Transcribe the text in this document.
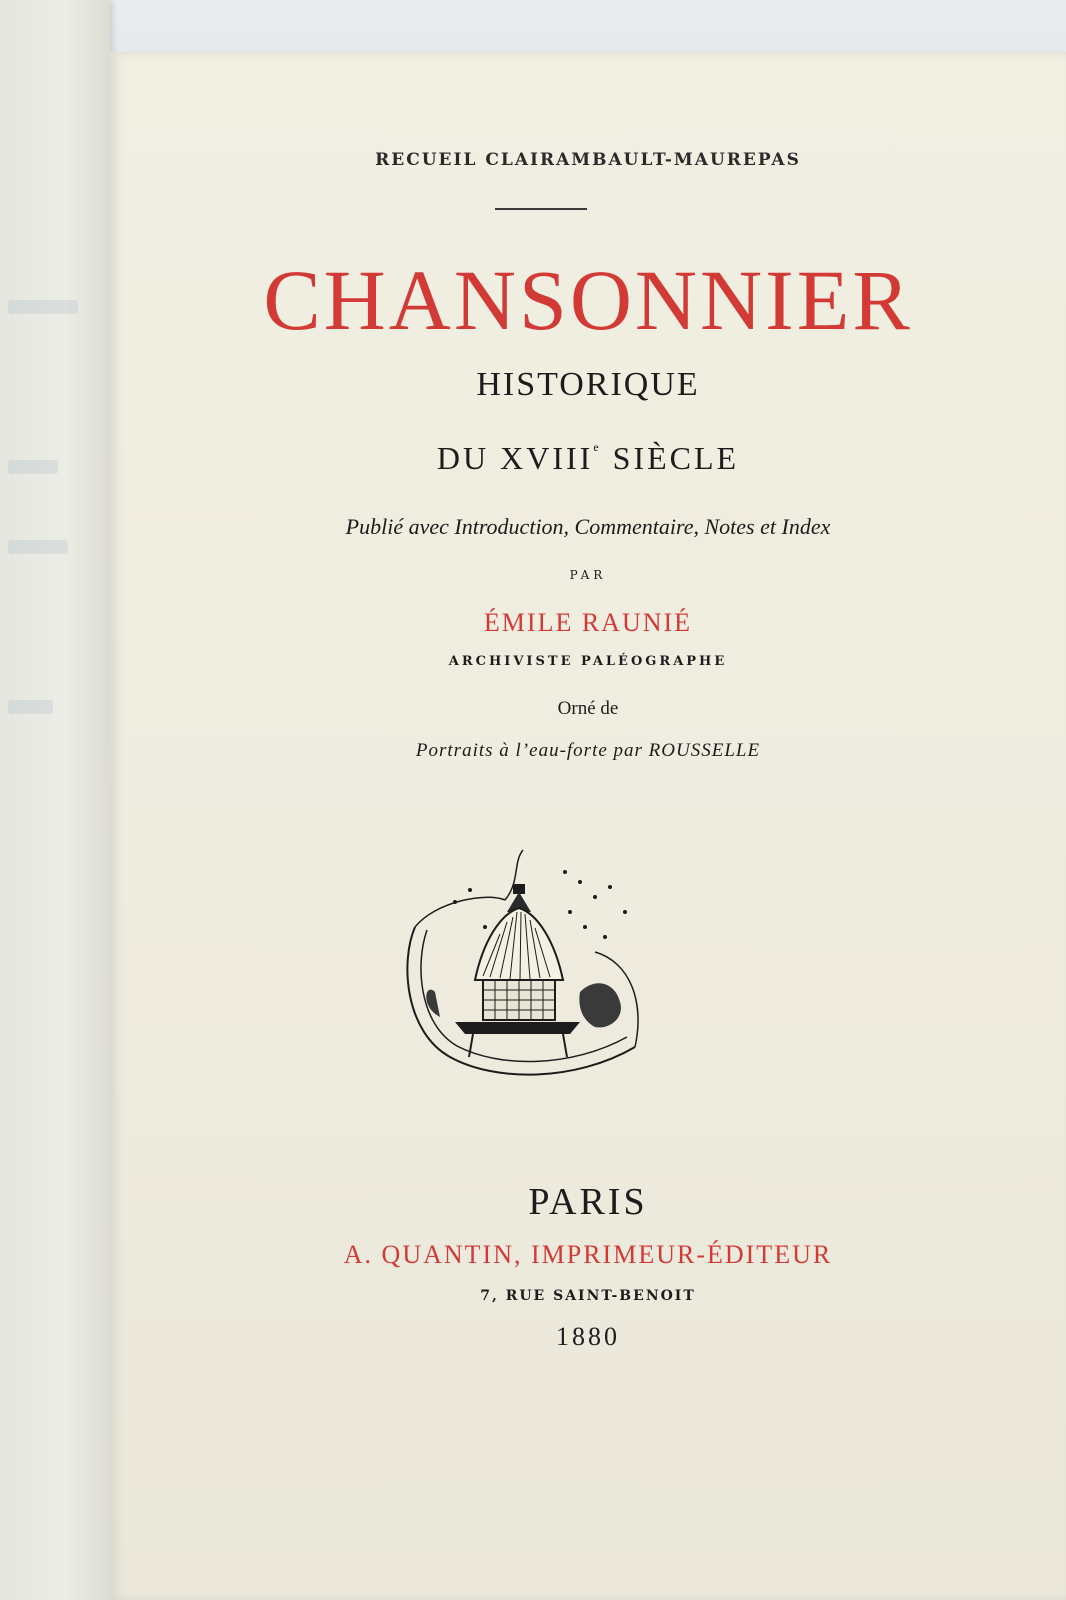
RECUEIL CLAIRAMBAULT-MAUREPAS
CHANSONNIER
HISTORIQUE
DU XVIIIe SIÈCLE
Publié avec Introduction, Commentaire, Notes et Index
PAR
ÉMILE RAUNIÉ
ARCHIVISTE PALÉOGRAPHE
Orné de
Portraits à l’eau-forte par ROUSSELLE
PARIS
A. QUANTIN, IMPRIMEUR-ÉDITEUR
7, RUE SAINT-BENOIT
1880
